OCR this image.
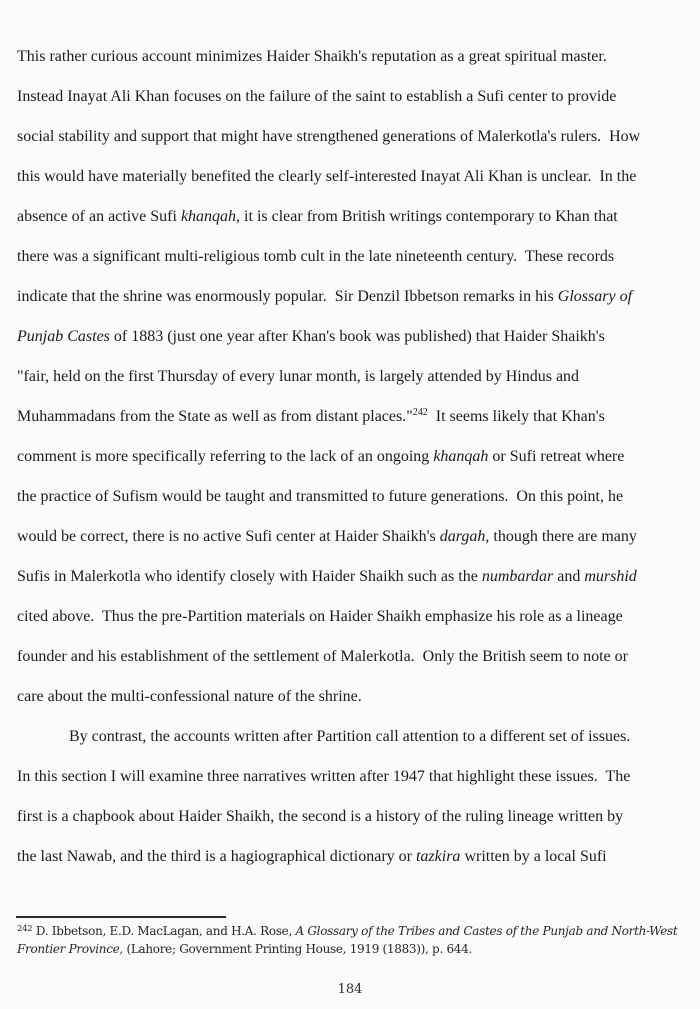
This rather curious account minimizes Haider Shaikh's reputation as a great spiritual master.
Instead Inayat Ali Khan focuses on the failure of the saint to establish a Sufi center to provide
social stability and support that might have strengthened generations of Malerkotla's rulers.  How
this would have materially benefited the clearly self-interested Inayat Ali Khan is unclear.  In the
absence of an active Sufi khanqah, it is clear from British writings contemporary to Khan that
there was a significant multi-religious tomb cult in the late nineteenth century.  These records
indicate that the shrine was enormously popular.  Sir Denzil Ibbetson remarks in his Glossary of
Punjab Castes of 1883 (just one year after Khan's book was published) that Haider Shaikh's
"fair, held on the first Thursday of every lunar month, is largely attended by Hindus and
Muhammadans from the State as well as from distant places."$^{242}$  It seems likely that Khan's
comment is more specifically referring to the lack of an ongoing khanqah or Sufi retreat where
the practice of Sufism would be taught and transmitted to future generations.  On this point, he
would be correct, there is no active Sufi center at Haider Shaikh's dargah, though there are many
Sufis in Malerkotla who identify closely with Haider Shaikh such as the numbardar and murshid
cited above.  Thus the pre-Partition materials on Haider Shaikh emphasize his role as a lineage
founder and his establishment of the settlement of Malerkotla.  Only the British seem to note or
care about the multi-confessional nature of the shrine.
By contrast, the accounts written after Partition call attention to a different set of issues.
In this section I will examine three narratives written after 1947 that highlight these issues.  The
first is a chapbook about Haider Shaikh, the second is a history of the ruling lineage written by
the last Nawab, and the third is a hagiographical dictionary or tazkira written by a local Sufi
$^{242}$ D. Ibbetson, E.D. MacLagan, and H.A. Rose, A Glossary of the Tribes and Castes of the Punjab and North-West
Frontier Province, (Lahore; Government Printing House, 1919 (1883)), p. 644.
184
